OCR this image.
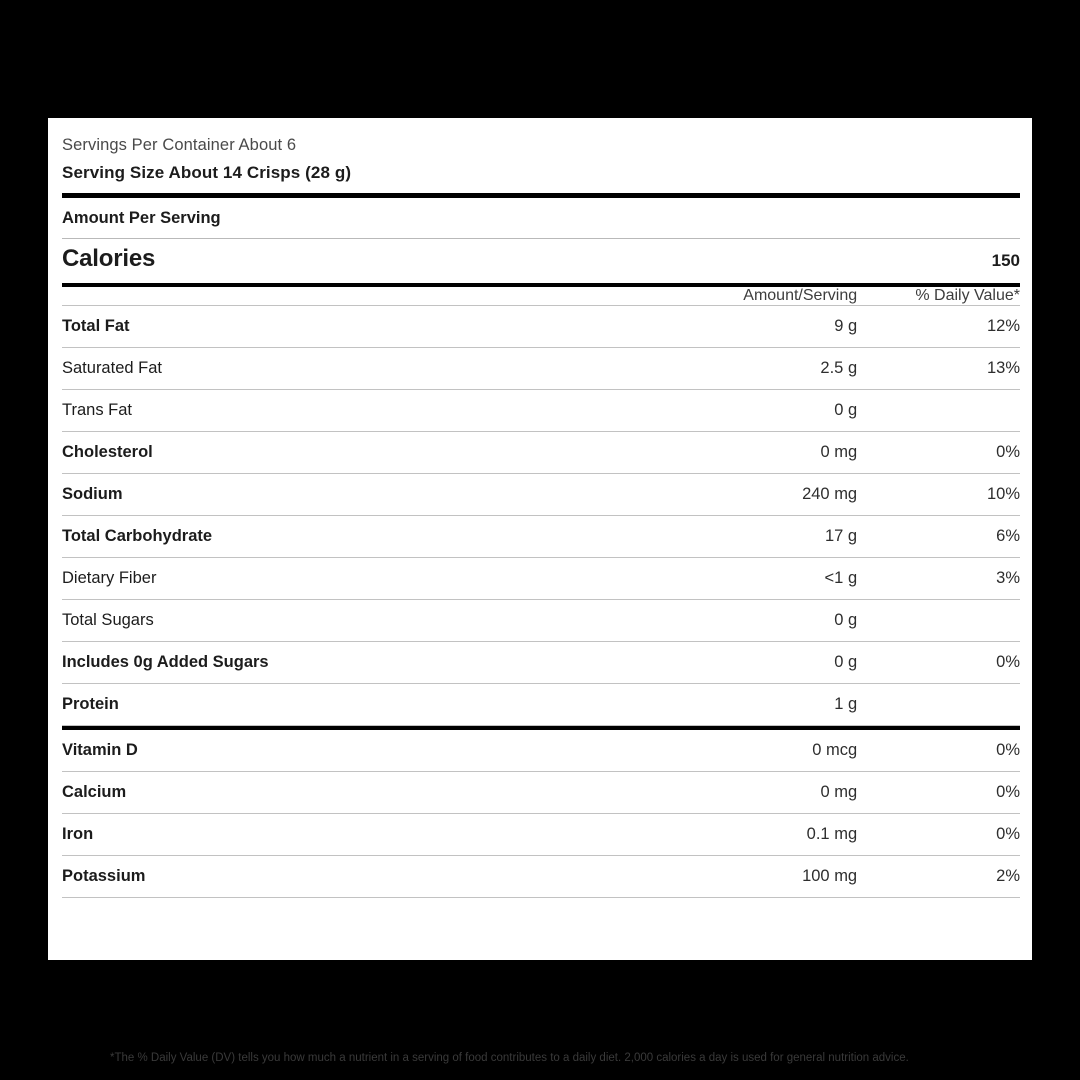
Servings Per Container About 6
Serving Size About 14 Crisps (28 g)
Amount Per Serving
Calories	150
	Amount/Serving	% Daily Value*
Total Fat	9 g	12%
Saturated Fat	2.5 g	13%
Trans Fat	0 g	
Cholesterol	0 mg	0%
Sodium	240 mg	10%
Total Carbohydrate	17 g	6%
Dietary Fiber	<1 g	3%
Total Sugars	0 g	
Includes 0g Added Sugars	0 g	0%
Protein	1 g	
Vitamin D	0 mcg	0%
Calcium	0 mg	0%
Iron	0.1 mg	0%
Potassium	100 mg	2%
*The % Daily Value (DV) tells you how much a nutrient in a serving of food contributes to a daily diet. 2,000 calories a day is used for general nutrition advice.
